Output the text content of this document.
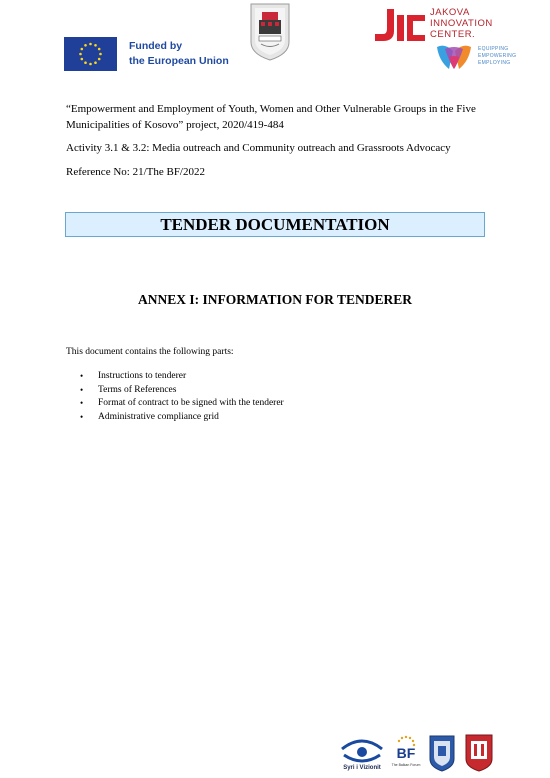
Funded by
the European Union
JAKOVA
INNOVATION
CENTER.
EQUIPPING
EMPOWERING
EMPLOYING
“Empowerment and Employment of Youth, Women and Other Vulnerable Groups in the Five
Municipalities of Kosovo” project, 2020/419-484
Activity 3.1 & 3.2: Media outreach and Community outreach and Grassroots Advocacy
Reference No: 21/The BF/2022
TENDER DOCUMENTATION
ANNEX I: INFORMATION FOR TENDERER
This document contains the following parts:
•	Instructions to tenderer
•	Terms of References
•	Format of contract to be signed with the tenderer
•	Administrative compliance grid
Syri i Vizionit
BF
The Balkan Forum
